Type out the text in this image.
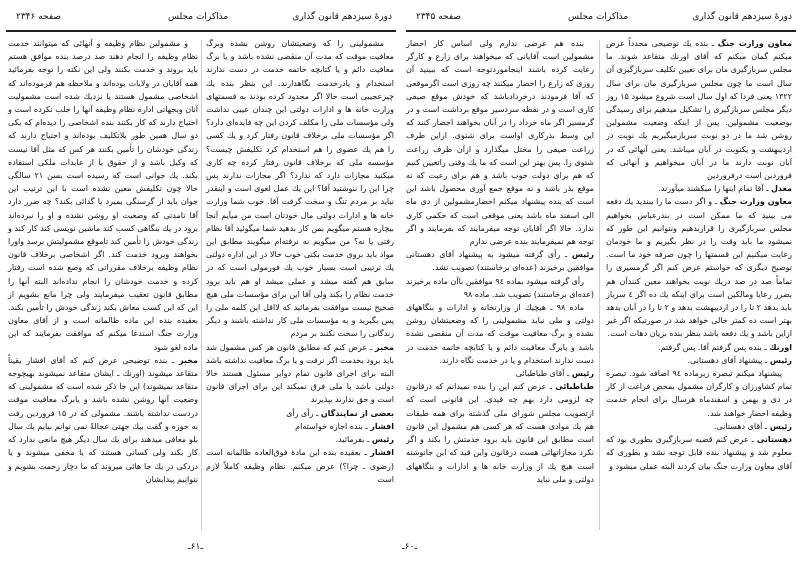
دورهٔ سیزدهم قانون گذاری
مذاکرات مجلس
صفحه ۲۳۴۶

مشمولینی را که وضعیتشان روشن نشده وبرگ معافیت موقت که مدت آن منقضی نشده باشد و یا برگ معافیت دائم و یا کتابچه خاتمه خدمت در دست ندارند استخدام و یادرخدمت نگاهدارند. این بنظر بنده یك چیزعجیبی است حالا اگر محدود کرده بودند به قسمتهای وزارت خانه ها و ادارات دولتی این چندان عیبی نداشت ولی مؤسسات ملی را مکلف کردن این چه فایده‌ای دارد؟ اگر مؤسسات ملی برخلاف قانون رفتار کرد و یك کسی را هم یك عضوی را هم استخدام کرد تکلیفش چیست؟ مؤسسه ملی که برخلاف قانون رفتار کرده چه کاری میکنید مجازات دارد که ندارد؟ اگر مجازات ندارند پس چرا این را ننوشتید آقا؟ این یك عمل لغوی است و اینقدر نباید بر مردم تنگ و سخت گرفت آقا. خوب شما وزارت خانه ها و ادارات دولتی مال خودتان است من میآیم آنجا بیچاره هستم میگویم بمن کار بدهید شما میگوئید آقا نظام رفتی یا نه؟ من میگویم نه نرفته‌ام میگویند مطابق این مواد باید بروی خدمت بکنی خوب حالا در این اداره دولتی یك ترتیبی است بسیار خوب یك فورمولی است که در سابق هم گفته میشد و عملی میشد او هم باید برود خدمت نظام را بکند ولی آقا این برای مؤسسات ملی هیچ صحیح نیست موافقت بفرمائید که لااقل این کلمه ملی را پس بگیرید و به مؤسسات ملی کار نداشته باشند و دیگر زندگانی را سخت نکنند بر مردم

مخبر ـ عرض کنم که مطابق قانون هر کس مشمول شد باید برود بخدمت اگر نرفت و یا برگ معافیت نداشته باشد البته برای اجرای قانون تمام دوایر مسئول هستند حالا دولتی باشد یا ملی فرق نمیکند این برای اجرای قانون است و حق ندارند بپذیرند

بعضی از نمایندگان ـ رأی رأی

افشار ـ بنده اجازه خواسته‌ام

رئیس ـ بفرمائید.

افشار ـ بعقیده بنده این مادهٔ فوق‌العاده ظالمانه است (رضوی ـ چرا؟) عرض میکنم. نظام وظیفه کاملاً لازم است

و مشمولین نظام وظیفه و آنهائی که میتوانند خدمت نظام وظیفه را انجام دهند صد درصد بنده موافق هستم باید بروند و خدمت بکنند ولی این نکته را توجه بفرمائید همه آقایان در ولایات بوده‌اند و ملاحظه هم فرموده‌اند که اشخاصی مشمول هستند یا نزدیك شده است مشمولیت آنان وبجهاتی اداره نظام وظیفه آنها را جلب نکرده است و احتیاج دارند که کار بکنند بنده اشخاصی را دیده‌ام که یکی دو سال همین طور بلاتکلیف بوده‌اند و احتیاج دارند که زندگی خودشان را تأمین بکنند هر کس که مثل آقا نیست که وکیل باشد و از حقوق یا از عایدات ملکی استفاده بکند. یك جوانی است که رسیده است بسن ۲۱ سالگی حالا چون تکلیفش معین نشده است با این ترتیب این جوان باید از گرسنگی بمیرد یا گدائی بکند؟ چه ضرر دارد آقا تامدتی که وضعیت او روشن نشده و او را نبرده‌اند برود در یك بنگاهی کسب کند ماشین نویسی کند کار کند و زندگی خودش را تأمین کند تاموقع مشمولیتش برسد واورا بخواهند وبرود خدمت کند. اگر اشخاصی برخلاف قانون نظام وظیفه برخلاف مقرراتی که وضع شده است رفتار کرده و خدمت خودشان را انجام نداده‌اند البته آنها را مطابق قانون تعقیب میفرمایند ولی چرا مانع بشویم از این که این کسب معاش بکند زندگی خودش را تأمین بکند. بعقیده بنده این ماده ظالمانه است و از آقای معاون وزارت جنگ استدعا میکنم که موافقت بفرمایند که این ماده لغو شود

مخبر ـ بنده توضیحی عرض کنم که آقای افشار یقیناً متقاعد میشوند (اورنك ـ ایشان متقاعد نمیشوند بهیچوجه متقاعد نمیشوند) این جا ذکر شده است که مشمولینی که وضعیت آنها روشن نشده باشد و یابرگ معافیت موقت دردست نداشته باشند. مشمولی که در ۱۵ فروردین رفت به حوزه و گفت بیك جهتی عجالةً نمی توانم بیایم یك سال بلو معافی میدهند برای یك سال دیگر هیچ مانعی ندارد که کار بکند ولی کسانی هستند که یا مخفی میشوند و یا دزدکی در یك جا هائی میروند که ما دچار زحمت بشویم و نتوانیم پیدایشان

ـ۶۱ـ
دورهٔ سیزدهم قانون گذاری
مذاکرات مجلس
صفحه ۲۳۴۵

معاون وزارت جنگ ـ بنده یك توضیحی مجدداً عرض میکنم گمان میکنم که آقای اورنك متقاعد شوند. ما مجلس سربازگیری مان برای تعیین تکلیف سربازگیری آن سال است ما چون مجلس سربازگیری مان برای سال ۱۳۲۲ یعنی فردا که اول سال است شروع میشود ۱۵ روز دیگر مجلس سربازگیری را تشکیل میدهیم برای رسیدگی بوضعیت مشمولین. پس از اینکه وضعیت مشمولین روشن شد ما در دو نوبت سربازمیگیریم یك نوبت در اردیبهشت و یکنوبت در آبان میباشد. یعنی آنهائی که در آبان نوبت دارند ما در آبان میخواهیم و آنهائی که فروردین است درفروردین

معدل ـ آقا تمام اینها را میکشند میآورند.

معاون وزارت جنگ ـ و اگر دست ما را ببندید یك دفعه می بینید که ما ممکن است در بندرعباس بخواهیم مجلس سربازگیری را قراربدهیم ونتوانیم این طور که نمیشود ما باید وقت را در نظر بگیریم و ما خودمان رعایت میکنیم این قسمتها را چون صرفه خود ما است. توضیح دیگری که خواستم عرض کنم اگر گرمسیری را تماماً صد در صد دریك نوبت بخواهند معین کنندآن هم بضرر رعایا ومالکین است برای اینکه یك ده اگر ٤ سرباز باید بدهد ۲ تا را در اردیبهشت بدهد و ۲ تا را در آبان بدهد بهتر است ده کمتر خالی خواهد شد در صورتیکه اگر غیر ازاین باشد و یك دفعه باشد بنظر بنده بزیان دهات است.

اورنك ـ بنده پس گرفتم آقا. پس گرفتم.

رئیس ـ پیشنهاد آقای دهستانی.

پیشنهاد میکنم تبصره زیرماده ۹٤ اضافه شود. تبصره تمام کشاورزان و کارگران مشمول بمحض فراغت از کار در دی و بهمن و اسفندماه هرسال برای انجام خدمت وظیفه احضار خواهند شد.

رئیس ـ آقای دهستانی.

دهستانی ـ عرض کنم قضیه سربازگیری بطوری بود که معلوم شد و پیشنهاد بنده قابل توجه نشد و بطوری که آقای معاون وزارت جنگ بیان کردند البته عملی میشود و

بنده هم عرضی ندارم ولی اساس کار احضار مشمولین است آقایانی که میخواهند برای زارع و کارگر رعایت کرده باشند اینجاموردتوجه است که ببینید آن روزی که زارع را احضار میکنند چه روزی است اگرموقعی که آقا فرمودند درخردادباشد که خودش موقع صیفی کاری است و در نقطه سردسیر موقع برداشت است و در گرمسیر اگر ماه خرداد را در آبان بخواهند احضار کنند که این وسط بذرکاری اواست برای شتوی. ازاین طرف زراعت صیفی را مختل میگذارد و ازآن طرف زراعت شتوی را. پس بهتر این است که ما یك وقتی راتعیین کنیم که هم برای دولت خوب باشد و هم برای رعیت که نه موقع بذر باشد و نه موقع جمع آوری محصول باشد این است که بنده پیشنهاد میکنم احضارمشمولین از دی ماه الی اسفند ماه باشد یعنی موقعی است که حکمی کاری ندارد. حالا اگر آقایان توجه میفرمایند که بفرمایند و اگر توجه هم نمیفرمایند بنده عرضی ندارم

رئیس ـ رأی گرفته میشود به پیشنهاد آقای دهستانی موافقین برخیزند (عده‌ای برخاستند) تصویب نشد.

رأی گرفته میشود بماده ۹٤ موافقین باآن ماده برخیزند (عده‌ای برخاستند) تصویب شد. ماده ۹۸

ماده ۹۸ ـ هیچیك از وزارتخانه و ادارات و بنگاههای دولتی و ملی نباید مشمولینی را که وضعیتشان روشن نشده و برگ معافیت موقت که مدت آن منقضی نشده باشد و یابرگ معافیت دائم و یا کتابچه خاتمه خدمت در دست ندارند استخدام و یا در خدمت نگاه دارند.

رئیس ـ آقای طباطبائی

طباطبائی ـ عرض کنم این را بنده نمیدانم که درقانون چه لزومی دارد بهم چه قیدی. این قانونی است که ازتصویب مجلس شورای ملی گذشته برای همه طبقات هم یك موادی هست که هر کسی هم مشمول این قانون است مطابق این قانون باید برود خدمتش را بکند و اگر نکرد مجازاتهائی هست درقانون واین قید که این جانوشته است هیچ یك از وزارت خانه ها و ادارات و بنگاههای دولتی و ملی نباید

ـ۶۰ـ
